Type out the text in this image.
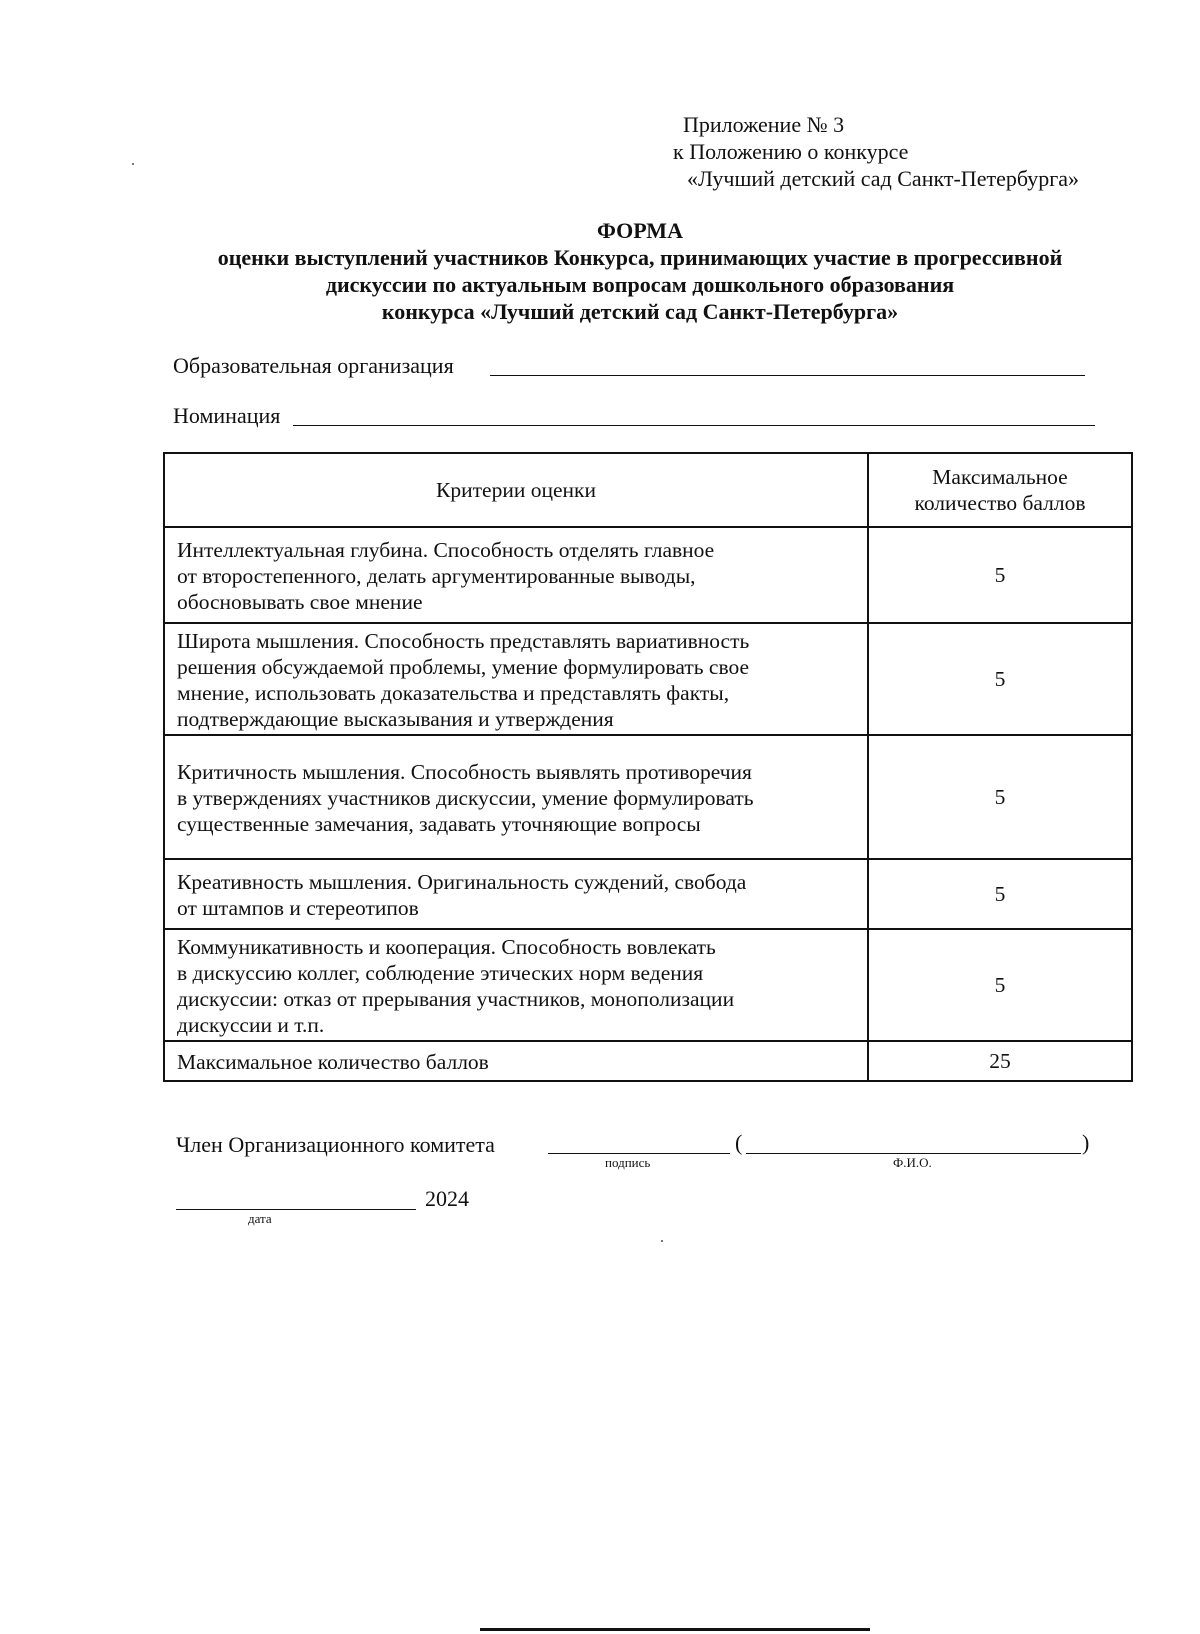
Приложение № 3
к Положению о конкурсе
«Лучший детский сад Санкт-Петербурга»
ФОРМА
оценки выступлений участников Конкурса, принимающих участие в прогрессивной
дискуссии по актуальным вопросам дошкольного образования
конкурса «Лучший детский сад Санкт-Петербурга»
Образовательная организация
Номинация
Критерии оценки	Максимальное
количество баллов

Интеллектуальная глубина. Способность отделять главное
от второстепенного, делать аргументированные выводы,
обосновывать свое мнение	5

Широта мышления. Способность представлять вариативность
решения обсуждаемой проблемы, умение формулировать свое
мнение, использовать доказательства и представлять факты,
подтверждающие высказывания и утверждения	5

Критичность мышления. Способность выявлять противоречия
в утверждениях участников дискуссии, умение формулировать
существенные замечания, задавать уточняющие вопросы	5

Креативность мышления. Оригинальность суждений, свобода
от штампов и стереотипов	5

Коммуникативность и кооперация. Способность вовлекать
в дискуссию коллег, соблюдение этических норм ведения
дискуссии: отказ от прерывания участников, монополизации
дискуссии и т.п.	5
Максимальное количество баллов	25
Член Организационного комитета
подпись
(	)
Ф.И.О.
2024
дата
